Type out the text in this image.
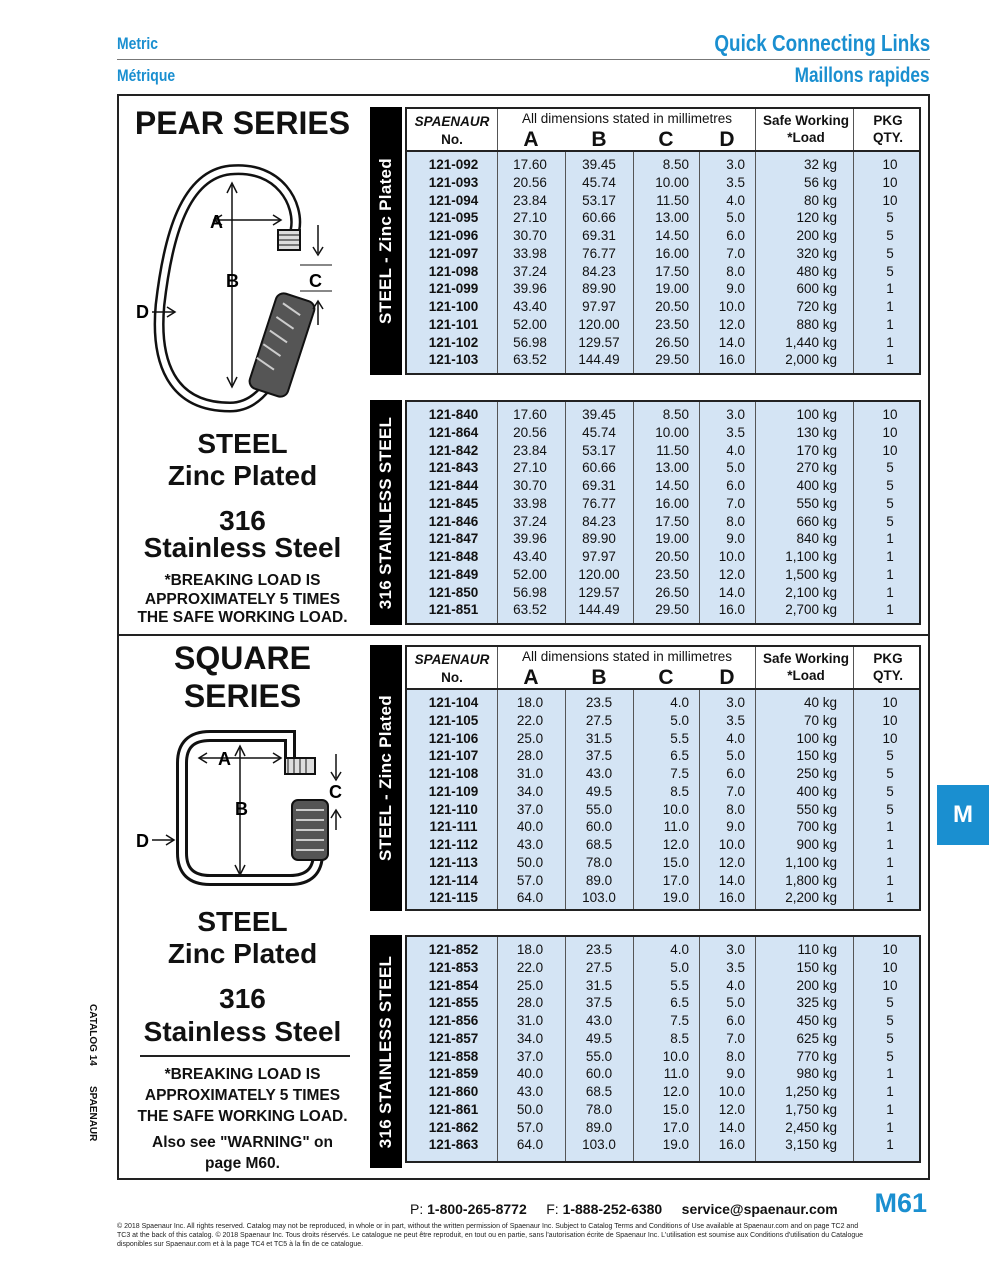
Metric
Métrique
Quick Connecting Links
Maillons rapides
PEAR SERIES
A
B	C
D
STEEL
Zinc Plated
316
Stainless Steel
*BREAKING LOAD IS
APPROXIMATELY 5 TIMES
THE SAFE WORKING LOAD.
STEEL - Zinc Plated
316 STAINLESS STEEL
SPAENAUR
No.
All dimensions stated in millimetres
A	B	C	D
Safe Working
*Load
PKG
QTY.
121-092	17.60	39.45	8.50	3.0	32 kg	10
121-093	20.56	45.74	10.00	3.5	56 kg	10
121-094	23.84	53.17	11.50	4.0	80 kg	10
121-095	27.10	60.66	13.00	5.0	120 kg	5
121-096	30.70	69.31	14.50	6.0	200 kg	5
121-097	33.98	76.77	16.00	7.0	320 kg	5
121-098	37.24	84.23	17.50	8.0	480 kg	5
121-099	39.96	89.90	19.00	9.0	600 kg	1
121-100	43.40	97.97	20.50	10.0	720 kg	1
121-101	52.00	120.00	23.50	12.0	880 kg	1
121-102	56.98	129.57	26.50	14.0	1,440 kg	1
121-103	63.52	144.49	29.50	16.0	2,000 kg	1
121-840	17.60	39.45	8.50	3.0	100 kg	10
121-864	20.56	45.74	10.00	3.5	130 kg	10
121-842	23.84	53.17	11.50	4.0	170 kg	10
121-843	27.10	60.66	13.00	5.0	270 kg	5
121-844	30.70	69.31	14.50	6.0	400 kg	5
121-845	33.98	76.77	16.00	7.0	550 kg	5
121-846	37.24	84.23	17.50	8.0	660 kg	5
121-847	39.96	89.90	19.00	9.0	840 kg	1
121-848	43.40	97.97	20.50	10.0	1,100 kg	1
121-849	52.00	120.00	23.50	12.0	1,500 kg	1
121-850	56.98	129.57	26.50	14.0	2,100 kg	1
121-851	63.52	144.49	29.50	16.0	2,700 kg	1
SQUARE
SERIES
A
B
C
D
STEEL
Zinc Plated
316
Stainless Steel
*BREAKING LOAD IS
APPROXIMATELY 5 TIMES
THE SAFE WORKING LOAD.
Also see "WARNING" on
page M60.
STEEL - Zinc Plated
316 STAINLESS STEEL
SPAENAUR
No.
All dimensions stated in millimetres
A	B	C	D
Safe Working
*Load
PKG
QTY.
121-104	18.0	23.5	4.0	3.0	40 kg	10
121-105	22.0	27.5	5.0	3.5	70 kg	10
121-106	25.0	31.5	5.5	4.0	100 kg	10
121-107	28.0	37.5	6.5	5.0	150 kg	5
121-108	31.0	43.0	7.5	6.0	250 kg	5
121-109	34.0	49.5	8.5	7.0	400 kg	5
121-110	37.0	55.0	10.0	8.0	550 kg	5
121-111	40.0	60.0	11.0	9.0	700 kg	1
121-112	43.0	68.5	12.0	10.0	900 kg	1
121-113	50.0	78.0	15.0	12.0	1,100 kg	1
121-114	57.0	89.0	17.0	14.0	1,800 kg	1
121-115	64.0	103.0	19.0	16.0	2,200 kg	1
121-852	18.0	23.5	4.0	3.0	110 kg	10
121-853	22.0	27.5	5.0	3.5	150 kg	10
121-854	25.0	31.5	5.5	4.0	200 kg	10
121-855	28.0	37.5	6.5	5.0	325 kg	5
121-856	31.0	43.0	7.5	6.0	450 kg	5
121-857	34.0	49.5	8.5	7.0	625 kg	5
121-858	37.0	55.0	10.0	8.0	770 kg	5
121-859	40.0	60.0	11.0	9.0	980 kg	1
121-860	43.0	68.5	12.0	10.0	1,250 kg	1
121-861	50.0	78.0	15.0	12.0	1,750 kg	1
121-862	57.0	89.0	17.0	14.0	2,450 kg	1
121-863	64.0	103.0	19.0	16.0	3,150 kg	1
M
CATALOG 14
SPAENAUR
P: 1-800-265-8772 F: 1-888-252-6380 service@spaenaur.com M61
© 2018 Spaenaur Inc. All rights reserved. Catalog may not be reproduced, in whole or in part, without the written permission of Spaenaur Inc. Subject to Catalog Terms and Conditions of Use available at Spaenaur.com and on page TC2 and
TC3 at the back of this catalog. © 2018 Spaenaur Inc. Tous droits réservés. Le catalogue ne peut être reproduit, en tout ou en partie, sans l'autorisation écrite de Spaenaur Inc. L'utilisation est soumise aux Conditions d'utilisation du Catalogue
disponibles sur Spaenaur.com et à la page TC4 et TC5 à la fin de ce catalogue.
